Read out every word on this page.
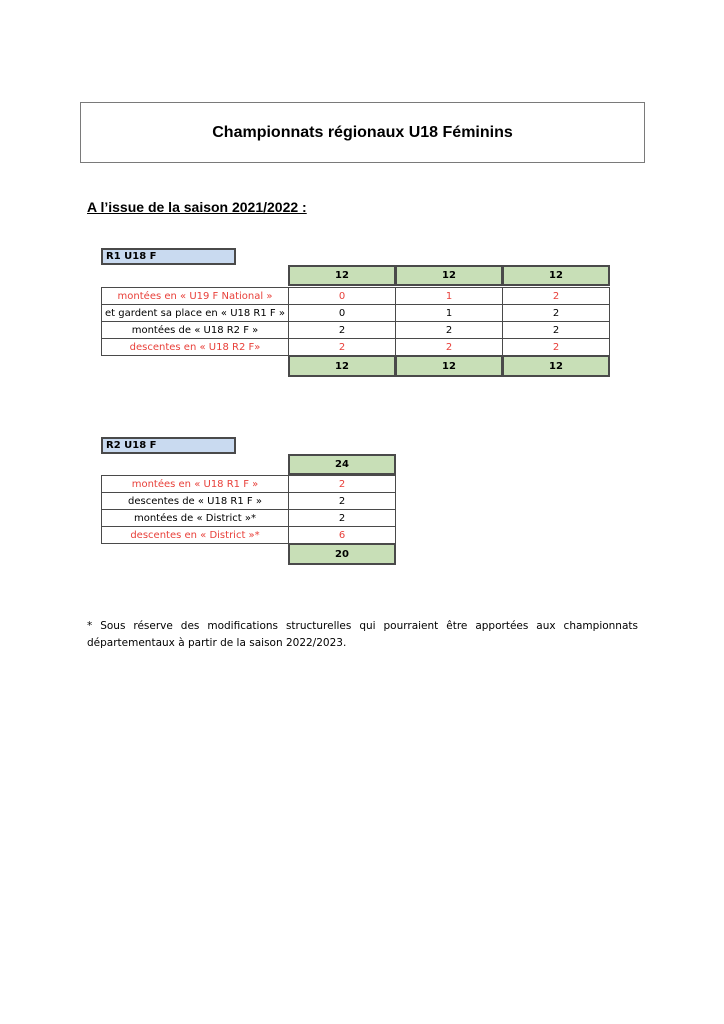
Championnats régionaux U18 Féminins
A l’issue de la saison 2021/2022 :
R1 U18 F
12	12	12
montées en « U19 F National »	0	1	2
et gardent sa place en « U18 R1 F »	0	1	2
montées de « U18 R2 F »	2	2	2
descentes en « U18 R2 F»	2	2	2
12	12	12
R2 U18 F
24
montées en « U18 R1 F »	2
descentes de « U18 R1 F »	2
montées de « District »*	2
descentes en « District »*	6
20
* Sous réserve des modifications structurelles qui pourraient être apportées aux championnats départementaux à partir de la saison 2022/2023.
